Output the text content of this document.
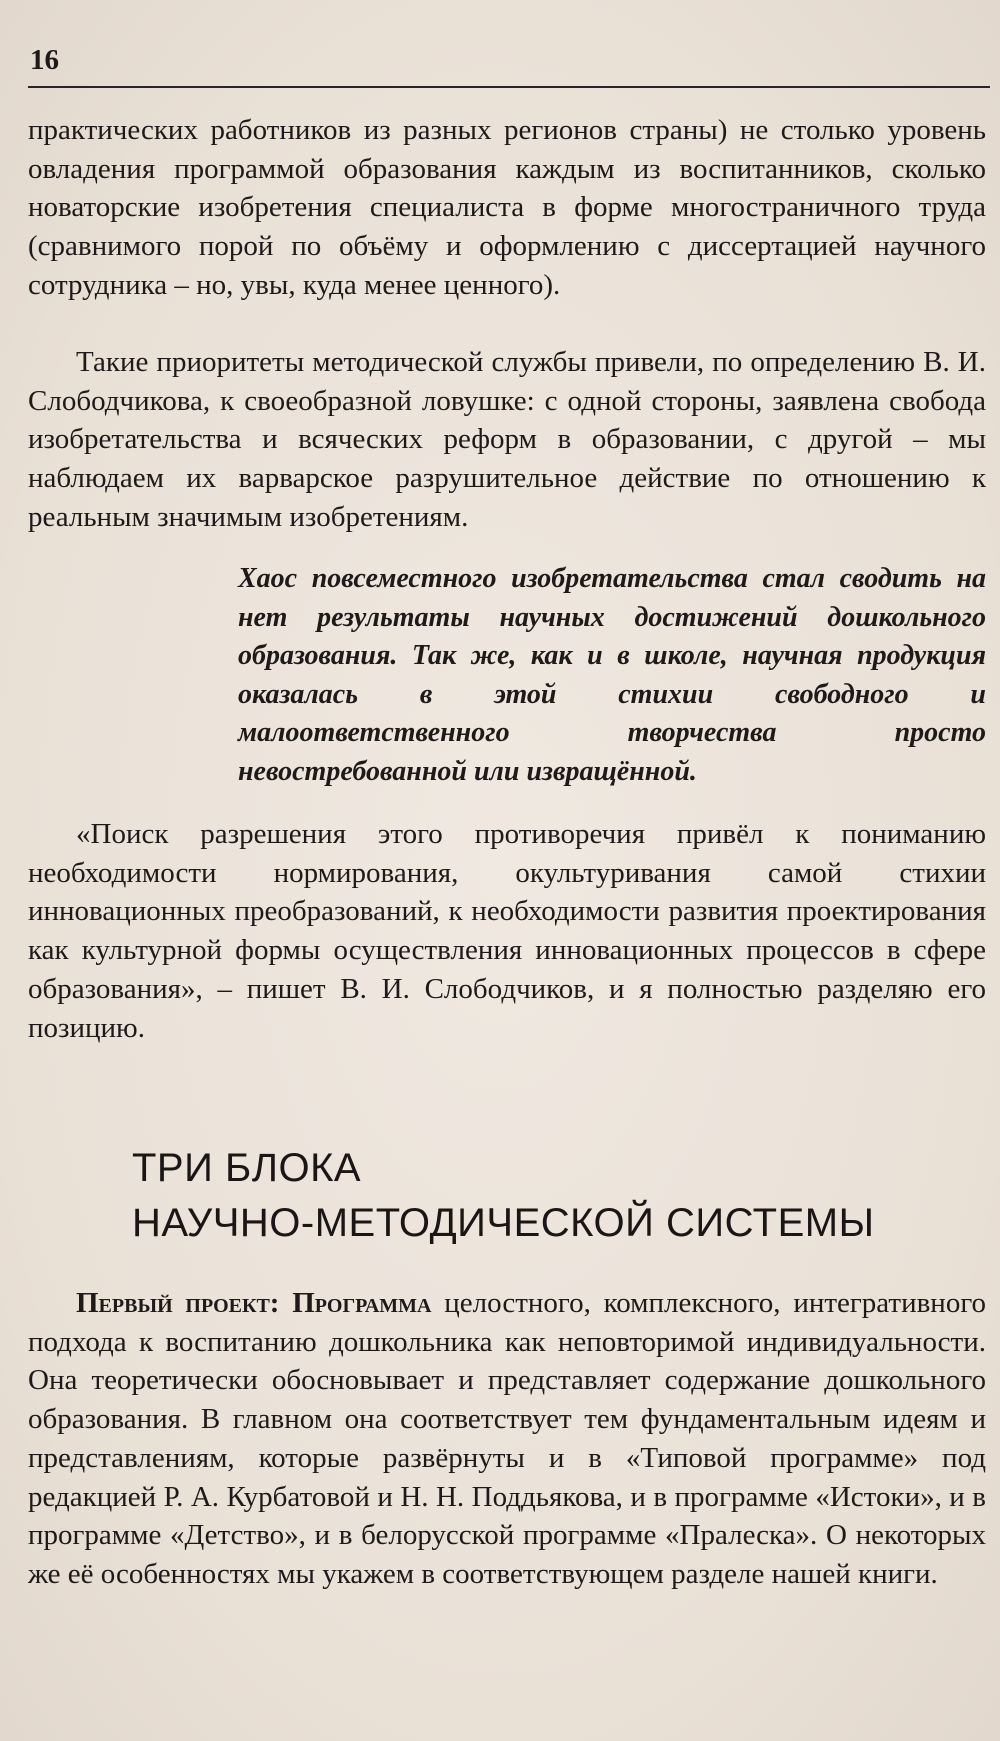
16

практических работников из разных регионов страны) не столько уровень овладения программой образования каждым из воспитанников, сколько новаторские изобретения специалиста в форме многостраничного труда (сравнимого порой по объёму и оформлению с диссертацией научного сотрудника – но, увы, куда менее ценного).

Такие приоритеты методической службы привели, по определению В. И. Слободчикова, к своеобразной ловушке: с одной стороны, заявлена свобода изобретательства и всяческих реформ в образовании, с другой – мы наблюдаем их варварское разрушительное действие по отношению к реальным значимым изобретениям.

Хаос повсеместного изобретательства стал сводить на нет результаты научных достижений дошкольного образования. Так же, как и в школе, научная продукция оказалась в этой стихии свободного и малоответственного творчества просто невостребованной или извращённой.

«Поиск разрешения этого противоречия привёл к пониманию необходимости нормирования, окультуривания самой стихии инновационных преобразований, к необходимости развития проектирования как культурной формы осуществления инновационных процессов в сфере образования», – пишет В. И. Слободчиков, и я полностью разделяю его позицию.

ТРИ БЛОКА
НАУЧНО-МЕТОДИЧЕСКОЙ СИСТЕМЫ

Первый проект: Программа целостного, комплексного, интегративного подхода к воспитанию дошкольника как неповторимой индивидуальности. Она теоретически обосновывает и представляет содержание дошкольного образования. В главном она соответствует тем фундаментальным идеям и представлениям, которые развёрнуты и в «Типовой программе» под редакцией Р. А. Курбатовой и Н. Н. Поддьякова, и в программе «Истоки», и в программе «Детство», и в белорусской программе «Пралеска». О некоторых же её особенностях мы укажем в соответствующем разделе нашей книги.
